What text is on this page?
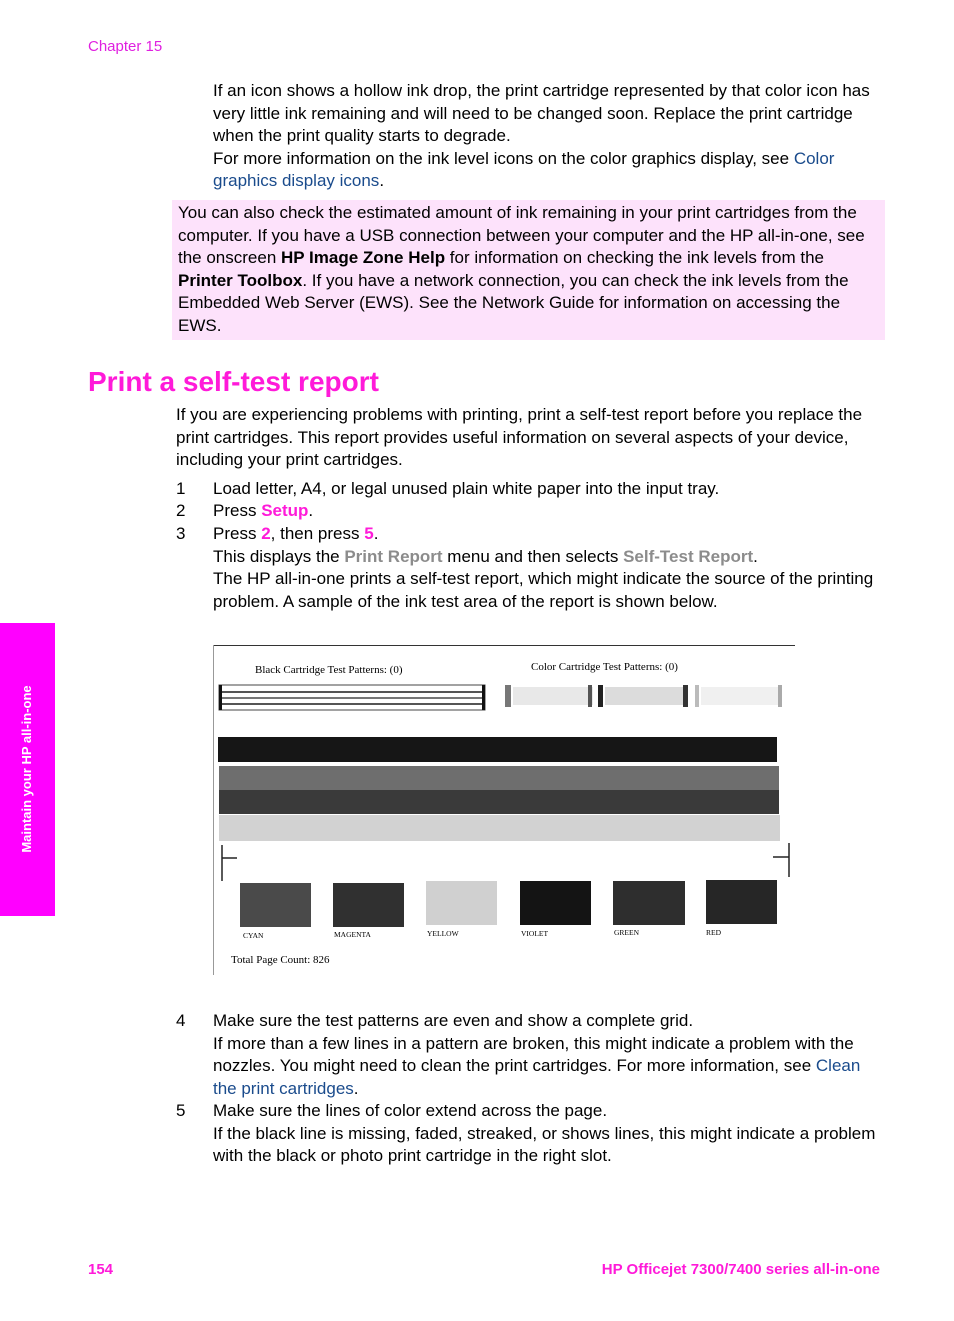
Chapter 15
Maintain your HP all-in-one

If an icon shows a hollow ink drop, the print cartridge represented by that color icon has very little ink remaining and will need to be changed soon. Replace the print cartridge when the print quality starts to degrade.

For more information on the ink level icons on the color graphics display, see Color graphics display icons.

You can also check the estimated amount of ink remaining in your print cartridges from the computer. If you have a USB connection between your computer and the HP all-in-one, see the onscreen HP Image Zone Help for information on checking the ink levels from the Printer Toolbox. If you have a network connection, you can check the ink levels from the Embedded Web Server (EWS). See the Network Guide for information on accessing the EWS.

Print a self-test report

If you are experiencing problems with printing, print a self-test report before you replace the print cartridges. This report provides useful information on several aspects of your device, including your print cartridges.

1	Load letter, A4, or legal unused plain white paper into the input tray.

2	Press Setup.

3	Press 2, then press 5.

This displays the Print Report menu and then selects Self-Test Report.

The HP all-in-one prints a self-test report, which might indicate the source of the printing problem. A sample of the ink test area of the report is shown below.

Black Cartridge Test Patterns: (0)	Color Cartridge Test Patterns: (0)
CYAN	MAGENTA	YELLOW	VIOLET	GREEN	RED
Total Page Count: 826
4	Make sure the test patterns are even and show a complete grid.

If more than a few lines in a pattern are broken, this might indicate a problem with the nozzles. You might need to clean the print cartridges. For more information, see Clean the print cartridges.

5	Make sure the lines of color extend across the page.

If the black line is missing, faded, streaked, or shows lines, this might indicate a problem with the black or photo print cartridge in the right slot.

154	HP Officejet 7300/7400 series all-in-one
